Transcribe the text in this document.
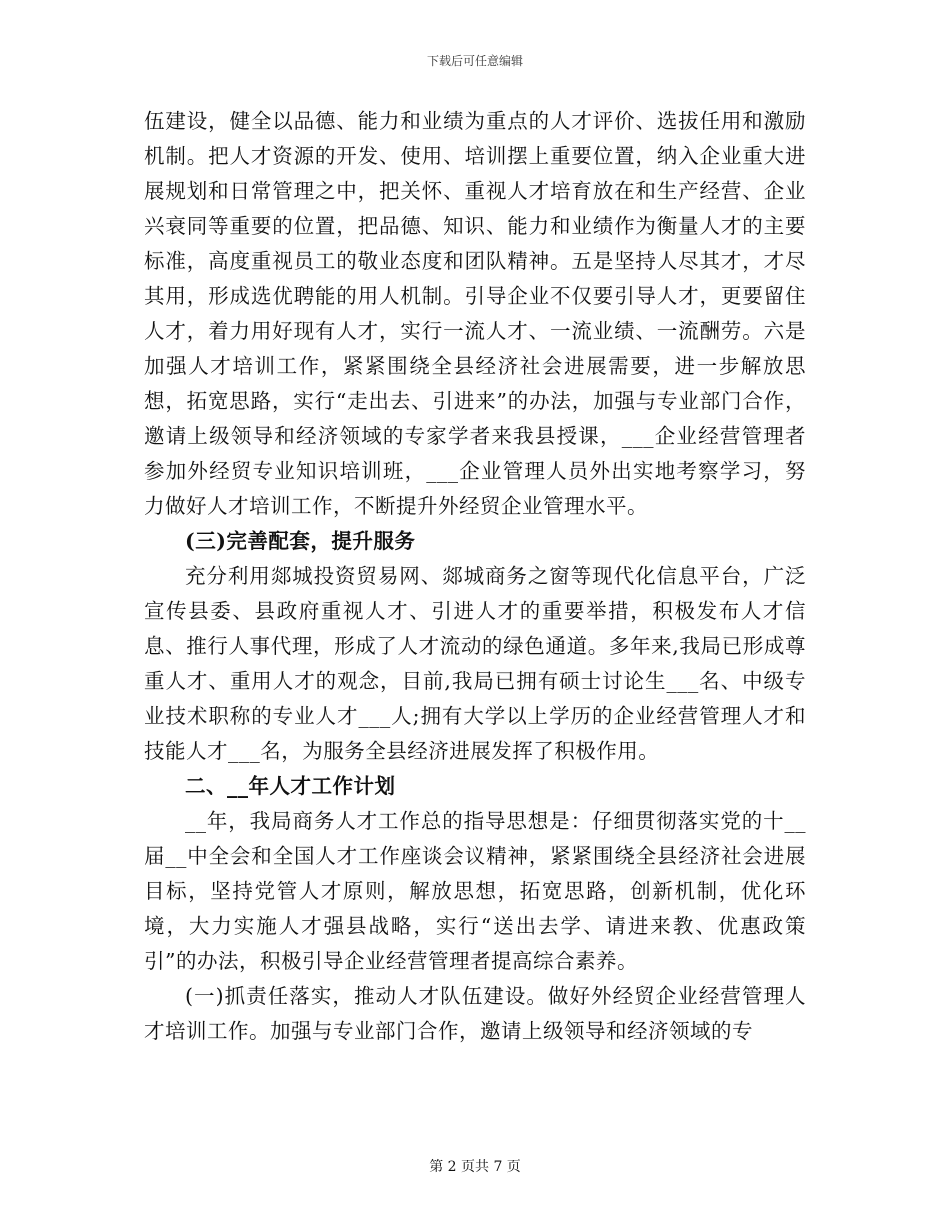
下载后可任意编辑

伍建设，健全以品德、能力和业绩为重点的人才评价、选拔任用和激励机制。把人才资源的开发、使用、培训摆上重要位置，纳入企业重大进展规划和日常管理之中，把关怀、重视人才培育放在和生产经营、企业兴衰同等重要的位置，把品德、知识、能力和业绩作为衡量人才的主要标准，高度重视员工的敬业态度和团队精神。五是坚持人尽其才，才尽其用，形成选优聘能的用人机制。引导企业不仅要引导人才，更要留住人才，着力用好现有人才，实行一流人才、一流业绩、一流酬劳。六是加强人才培训工作，紧紧围绕全县经济社会进展需要，进一步解放思想，拓宽思路，实行“走出去、引进来”的办法，加强与专业部门合作，邀请上级领导和经济领域的专家学者来我县授课，___企业经营管理者参加外经贸专业知识培训班，___企业管理人员外出实地考察学习，努力做好人才培训工作，不断提升外经贸企业管理水平。

(三)完善配套，提升服务

充分利用郯城投资贸易网、郯城商务之窗等现代化信息平台，广泛宣传县委、县政府重视人才、引进人才的重要举措，积极发布人才信息、推行人事代理，形成了人才流动的绿色通道。多年来,我局已形成尊重人才、重用人才的观念，目前,我局已拥有硕士讨论生___名、中级专业技术职称的专业人才___人;拥有大学以上学历的企业经营管理人才和技能人才___名，为服务全县经济进展发挥了积极作用。

二、__年人才工作计划

__年，我局商务人才工作总的指导思想是：仔细贯彻落实党的十__届__中全会和全国人才工作座谈会议精神，紧紧围绕全县经济社会进展目标，坚持党管人才原则，解放思想，拓宽思路，创新机制，优化环境，大力实施人才强县战略，实行“送出去学、请进来教、优惠政策引”的办法，积极引导企业经营管理者提高综合素养。

(一)抓责任落实，推动人才队伍建设。做好外经贸企业经营管理人才培训工作。加强与专业部门合作，邀请上级领导和经济领域的专

第 2 页共 7 页
